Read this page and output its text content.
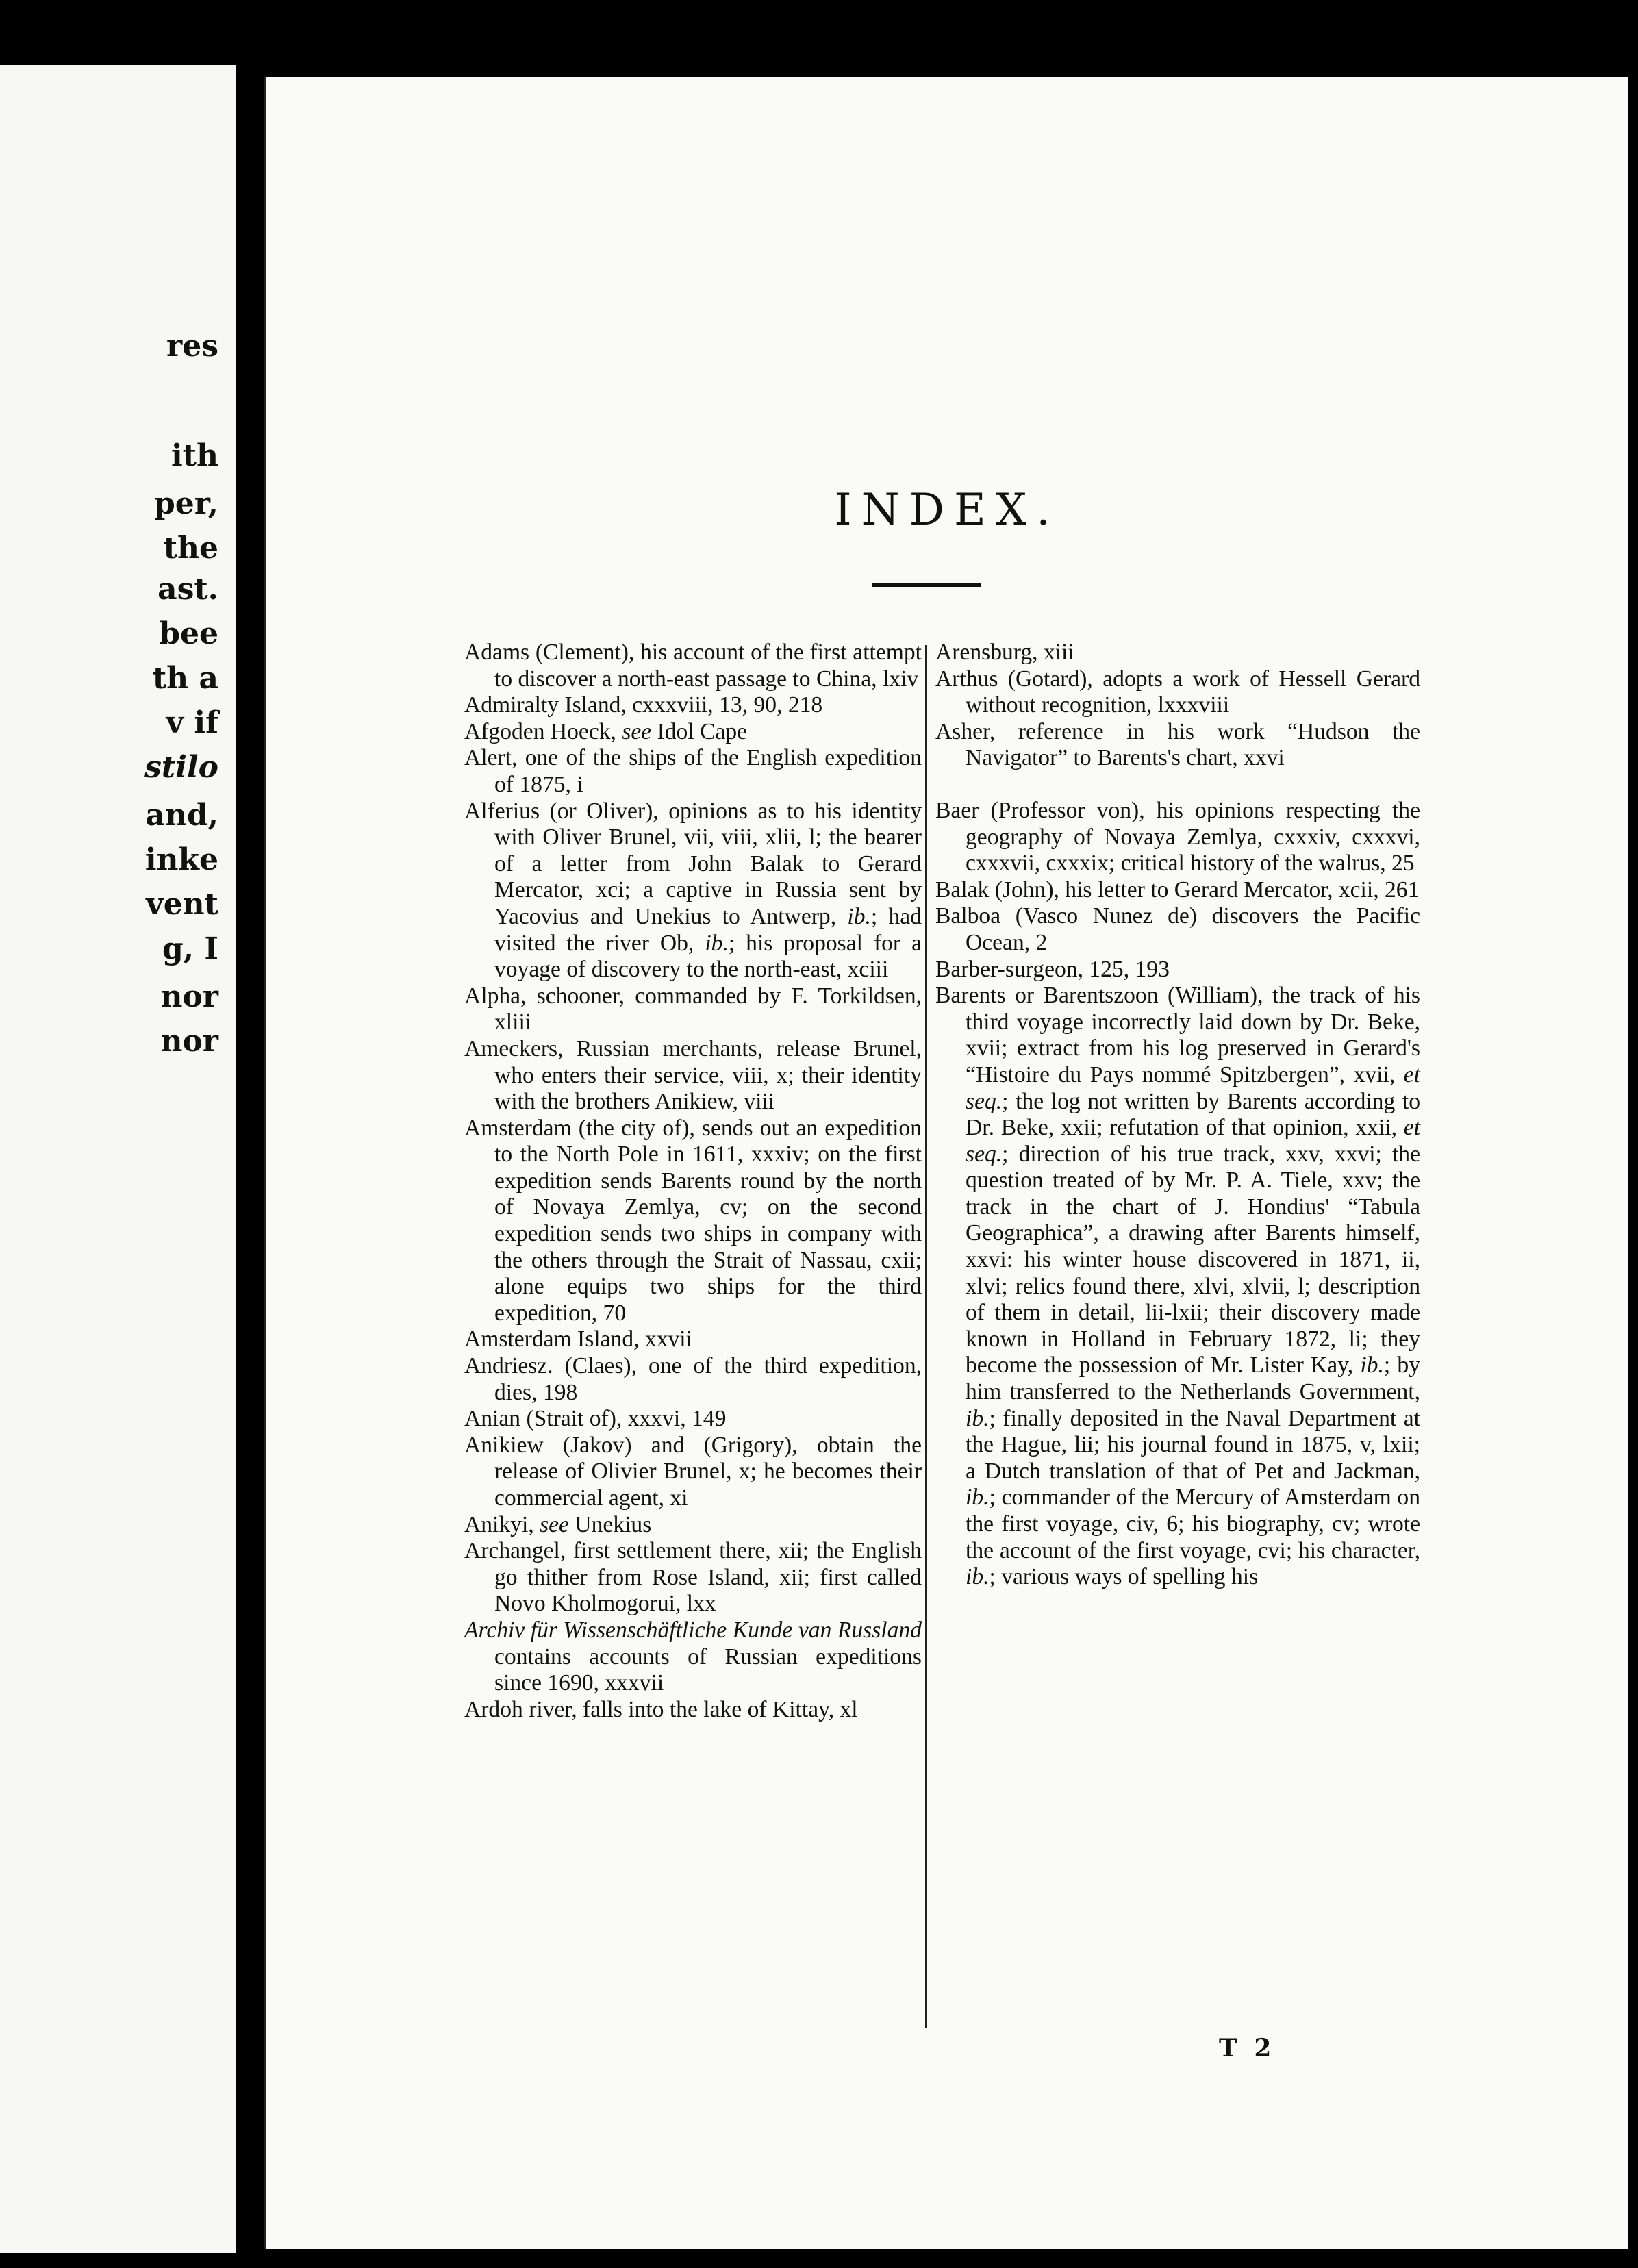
res
ith
per,
the
ast.
bee
th a
v if
stilo
and,
inke
vent
g, I
nor
nor
INDEX.
Adams (Clement), his account of the first attempt to discover a north-east passage to China, lxiv
Admiralty Island, cxxxviii, 13, 90, 218
Afgoden Hoeck, see Idol Cape
Alert, one of the ships of the English expedition of 1875, i
Alferius (or Oliver), opinions as to his identity with Oliver Brunel, vii, viii, xlii, l; the bearer of a letter from John Balak to Gerard Mercator, xci; a captive in Russia sent by Yacovius and Unekius to Antwerp, ib.; had visited the river Ob, ib.; his proposal for a voyage of discovery to the north-east, xciii
Alpha, schooner, commanded by F. Torkildsen, xliii
Ameckers, Russian merchants, release Brunel, who enters their service, viii, x; their identity with the brothers Anikiew, viii
Amsterdam (the city of), sends out an expedition to the North Pole in 1611, xxxiv; on the first expedition sends Barents round by the north of Novaya Zemlya, cv; on the second expedition sends two ships in company with the others through the Strait of Nassau, cxii; alone equips two ships for the third expedition, 70
Amsterdam Island, xxvii
Andriesz. (Claes), one of the third expedition, dies, 198
Anian (Strait of), xxxvi, 149
Anikiew (Jakov) and (Grigory), obtain the release of Olivier Brunel, x; he becomes their commercial agent, xi
Anikyi, see Unekius
Archangel, first settlement there, xii; the English go thither from Rose Island, xii; first called Novo Kholmogorui, lxx
Archiv für Wissenschäftliche Kunde van Russland contains accounts of Russian expeditions since 1690, xxxvii
Ardoh river, falls into the lake of Kittay, xl
Arensburg, xiii
Arthus (Gotard), adopts a work of Hessell Gerard without recognition, lxxxviii
Asher, reference in his work “Hudson the Navigator” to Barents's chart, xxvi
Baer (Professor von), his opinions respecting the geography of Novaya Zemlya, cxxxiv, cxxxvi, cxxxvii, cxxxix; critical history of the walrus, 25
Balak (John), his letter to Gerard Mercator, xcii, 261
Balboa (Vasco Nunez de) discovers the Pacific Ocean, 2
Barber-surgeon, 125, 193
Barents or Barentszoon (William), the track of his third voyage incorrectly laid down by Dr. Beke, xvii; extract from his log preserved in Gerard's “Histoire du Pays nommé Spitzbergen”, xvii, et seq.; the log not written by Barents according to Dr. Beke, xxii; refutation of that opinion, xxii, et seq.; direction of his true track, xxv, xxvi; the question treated of by Mr. P. A. Tiele, xxv; the track in the chart of J. Hondius' “Tabula Geographica”, a drawing after Barents himself, xxvi: his winter house discovered in 1871, ii, xlvi; relics found there, xlvi, xlvii, l; description of them in detail, lii-lxii; their discovery made known in Holland in February 1872, li; they become the possession of Mr. Lister Kay, ib.; by him transferred to the Netherlands Government, ib.; finally deposited in the Naval Department at the Hague, lii; his journal found in 1875, v, lxii; a Dutch translation of that of Pet and Jackman, ib.; commander of the Mercury of Amsterdam on the first voyage, civ, 6; his biography, cv; wrote the account of the first voyage, cvi; his character, ib.; various ways of spelling his
T 2
